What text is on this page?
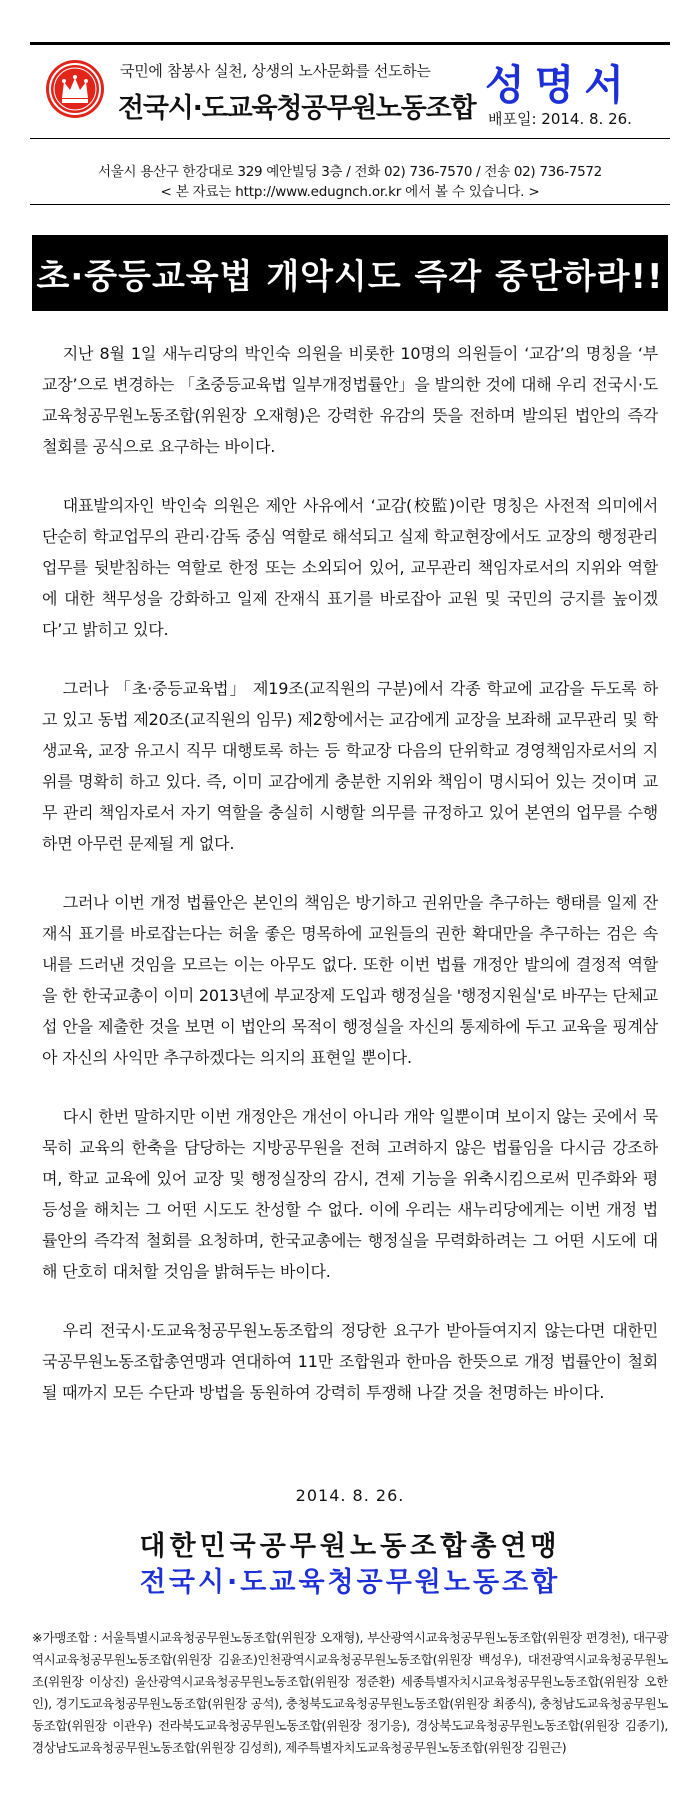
국민에 참봉사 실천, 상생의 노사문화를 선도하는
전국시·도교육청공무원노동조합 성명서
배포일: 2014. 8. 26.
서울시 용산구 한강대로 329 예안빌딩 3층 / 전화 02) 736-7570 / 전송 02) 736-7572
< 본 자료는 http://www.edugnch.or.kr 에서 볼 수 있습니다. >
초·중등교육법 개악시도 즉각 중단하라!!

지난 8월 1일 새누리당의 박인숙 의원을 비롯한 10명의 의원들이 ‘교감’의 명칭을 ‘부교장’으로 변경하는 「초중등교육법 일부개정법률안」을 발의한 것에 대해 우리 전국시·도교육청공무원노동조합(위원장 오재형)은 강력한 유감의 뜻을 전하며 발의된 법안의 즉각 철회를 공식으로 요구하는 바이다.

대표발의자인 박인숙 의원은 제안 사유에서 ‘교감(校監)이란 명칭은 사전적 의미에서 단순히 학교업무의 관리·감독 중심 역할로 해석되고 실제 학교현장에서도 교장의 행정관리 업무를 뒷받침하는 역할로 한정 또는 소외되어 있어, 교무관리 책임자로서의 지위와 역할에 대한 책무성을 강화하고 일제 잔재식 표기를 바로잡아 교원 및 국민의 긍지를 높이겠다’고 밝히고 있다.

그러나 「초·중등교육법」 제19조(교직원의 구분)에서 각종 학교에 교감을 두도록 하고 있고 동법 제20조(교직원의 임무) 제2항에서는 교감에게 교장을 보좌해 교무관리 및 학생교육, 교장 유고시 직무 대행토록 하는 등 학교장 다음의 단위학교 경영책임자로서의 지위를 명확히 하고 있다. 즉, 이미 교감에게 충분한 지위와 책임이 명시되어 있는 것이며 교무 관리 책임자로서 자기 역할을 충실히 시행할 의무를 규정하고 있어 본연의 업무를 수행하면 아무런 문제될 게 없다.

그러나 이번 개정 법률안은 본인의 책임은 방기하고 권위만을 추구하는 행태를 일제 잔재식 표기를 바로잡는다는 허울 좋은 명목하에 교원들의 권한 확대만을 추구하는 검은 속내를 드러낸 것임을 모르는 이는 아무도 없다. 또한 이번 법률 개정안 발의에 결정적 역할을 한 한국교총이 이미 2013년에 부교장제 도입과 행정실을 '행정지원실'로 바꾸는 단체교섭 안을 제출한 것을 보면 이 법안의 목적이 행정실을 자신의 통제하에 두고 교육을 핑계삼아 자신의 사익만 추구하겠다는 의지의 표현일 뿐이다.

다시 한번 말하지만 이번 개정안은 개선이 아니라 개악 일뿐이며 보이지 않는 곳에서 묵묵히 교육의 한축을 담당하는 지방공무원을 전혀 고려하지 않은 법률임을 다시금 강조하며, 학교 교육에 있어 교장 및 행정실장의 감시, 견제 기능을 위축시킴으로써 민주화와 평등성을 해치는 그 어떤 시도도 찬성할 수 없다. 이에 우리는 새누리당에게는 이번 개정 법률안의 즉각적 철회를 요청하며, 한국교총에는 행정실을 무력화하려는 그 어떤 시도에 대해 단호히 대처할 것임을 밝혀두는 바이다.

우리 전국시·도교육청공무원노동조합의 정당한 요구가 받아들여지지 않는다면 대한민국공무원노동조합총연맹과 연대하여 11만 조합원과 한마음 한뜻으로 개정 법률안이 철회될 때까지 모든 수단과 방법을 동원하여 강력히 투쟁해 나갈 것을 천명하는 바이다.

2014. 8. 26.
대한민국공무원노동조합총연맹
전국시·도교육청공무원노동조합
※가맹조합 : 서울특별시교육청공무원노동조합(위원장 오재형), 부산광역시교육청공무원노동조합(위원장 편경천), 대구광역시교육청공무원노동조합(위원장 김윤조)인천광역시교육청공무원노동조합(위원장 백성우), 대전광역시교육청공무원노조(위원장 이상진) 울산광역시교육청공무원노동조합(위원장 정준환) 세종특별자치시교육청공무원노동조합(위원장 오한인), 경기도교육청공무원노동조합(위원장 공석), 충청북도교육청공무원노동조합(위원장 최종식), 충청남도교육청공무원노동조합(위원장 이관우) 전라북도교육청공무원노동조합(위원장 정기응), 경상북도교육청공무원노동조합(위원장 김종기), 경상남도교육청공무원노동조합(위원장 김성희), 제주특별자치도교육청공무원노동조합(위원장 김원근)
